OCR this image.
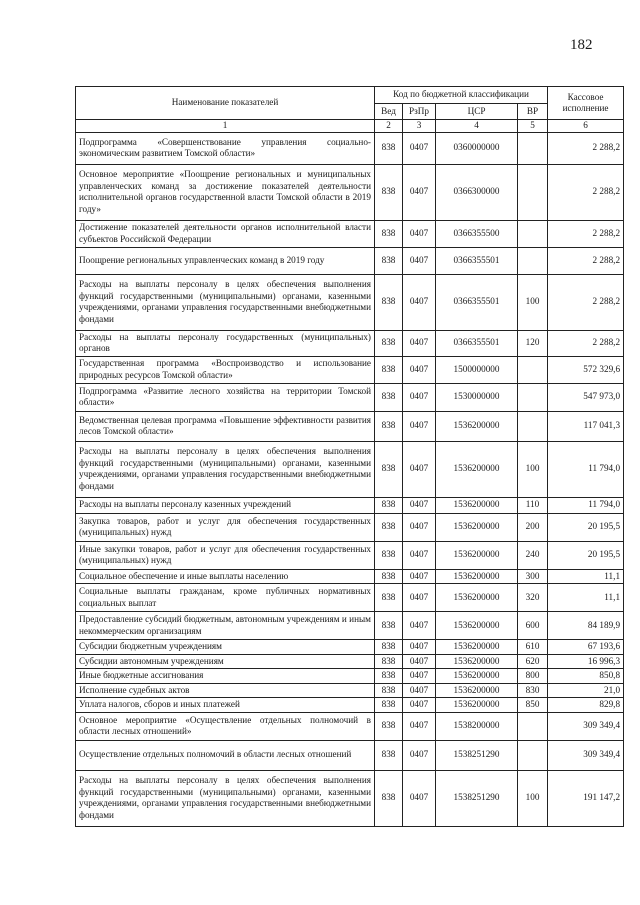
182
Наименование показателей	Код по бюджетной классификации				Кассовое исполнение
	Вед	РзПр	ЦСР	ВР	
1	2	3	4	5	6
Подпрограмма «Совершенствование управления социально-экономическим развитием Томской области»	838	0407	0360000000		2 288,2
Основное мероприятие «Поощрение региональных и муниципальных управленческих команд за достижение показателей деятельности исполнительной органов государственной власти Томской области в 2019 году»	838	0407	0366300000		2 288,2
Достижение показателей деятельности органов исполнительной власти субъектов Российской Федерации	838	0407	0366355500		2 288,2
Поощрение региональных управленческих команд в 2019 году	838	0407	0366355501		2 288,2
Расходы на выплаты персоналу в целях обеспечения выполнения функций государственными (муниципальными) органами, казенными учреждениями, органами управления государственными внебюджетными фондами	838	0407	0366355501	100	2 288,2
Расходы на выплаты персоналу государственных (муниципальных) органов	838	0407	0366355501	120	2 288,2
Государственная программа «Воспроизводство и использование природных ресурсов Томской области»	838	0407	1500000000		572 329,6
Подпрограмма «Развитие лесного хозяйства на территории Томской области»	838	0407	1530000000		547 973,0
Ведомственная целевая программа «Повышение эффективности развития лесов Томской области»	838	0407	1536200000		117 041,3
Расходы на выплаты персоналу в целях обеспечения выполнения функций государственными (муниципальными) органами, казенными учреждениями, органами управления государственными внебюджетными фондами	838	0407	1536200000	100	11 794,0
Расходы на выплаты персоналу казенных учреждений	838	0407	1536200000	110	11 794,0
Закупка товаров, работ и услуг для обеспечения государственных (муниципальных) нужд	838	0407	1536200000	200	20 195,5
Иные закупки товаров, работ и услуг для обеспечения государственных (муниципальных) нужд	838	0407	1536200000	240	20 195,5
Социальное обеспечение и иные выплаты населению	838	0407	1536200000	300	11,1
Социальные выплаты гражданам, кроме публичных нормативных социальных выплат	838	0407	1536200000	320	11,1
Предоставление субсидий бюджетным, автономным учреждениям и иным некоммерческим организациям	838	0407	1536200000	600	84 189,9
Субсидии бюджетным учреждениям	838	0407	1536200000	610	67 193,6
Субсидии автономным учреждениям	838	0407	1536200000	620	16 996,3
Иные бюджетные ассигнования	838	0407	1536200000	800	850,8
Исполнение судебных актов	838	0407	1536200000	830	21,0
Уплата налогов, сборов и иных платежей	838	0407	1536200000	850	829,8
Основное мероприятие «Осуществление отдельных полномочий в области лесных отношений»	838	0407	1538200000		309 349,4
Осуществление отдельных полномочий в области лесных отношений	838	0407	1538251290		309 349,4
Расходы на выплаты персоналу в целях обеспечения выполнения функций государственными (муниципальными) органами, казенными учреждениями, органами управления государственными внебюджетными фондами	838	0407	1538251290	100	191 147,2
